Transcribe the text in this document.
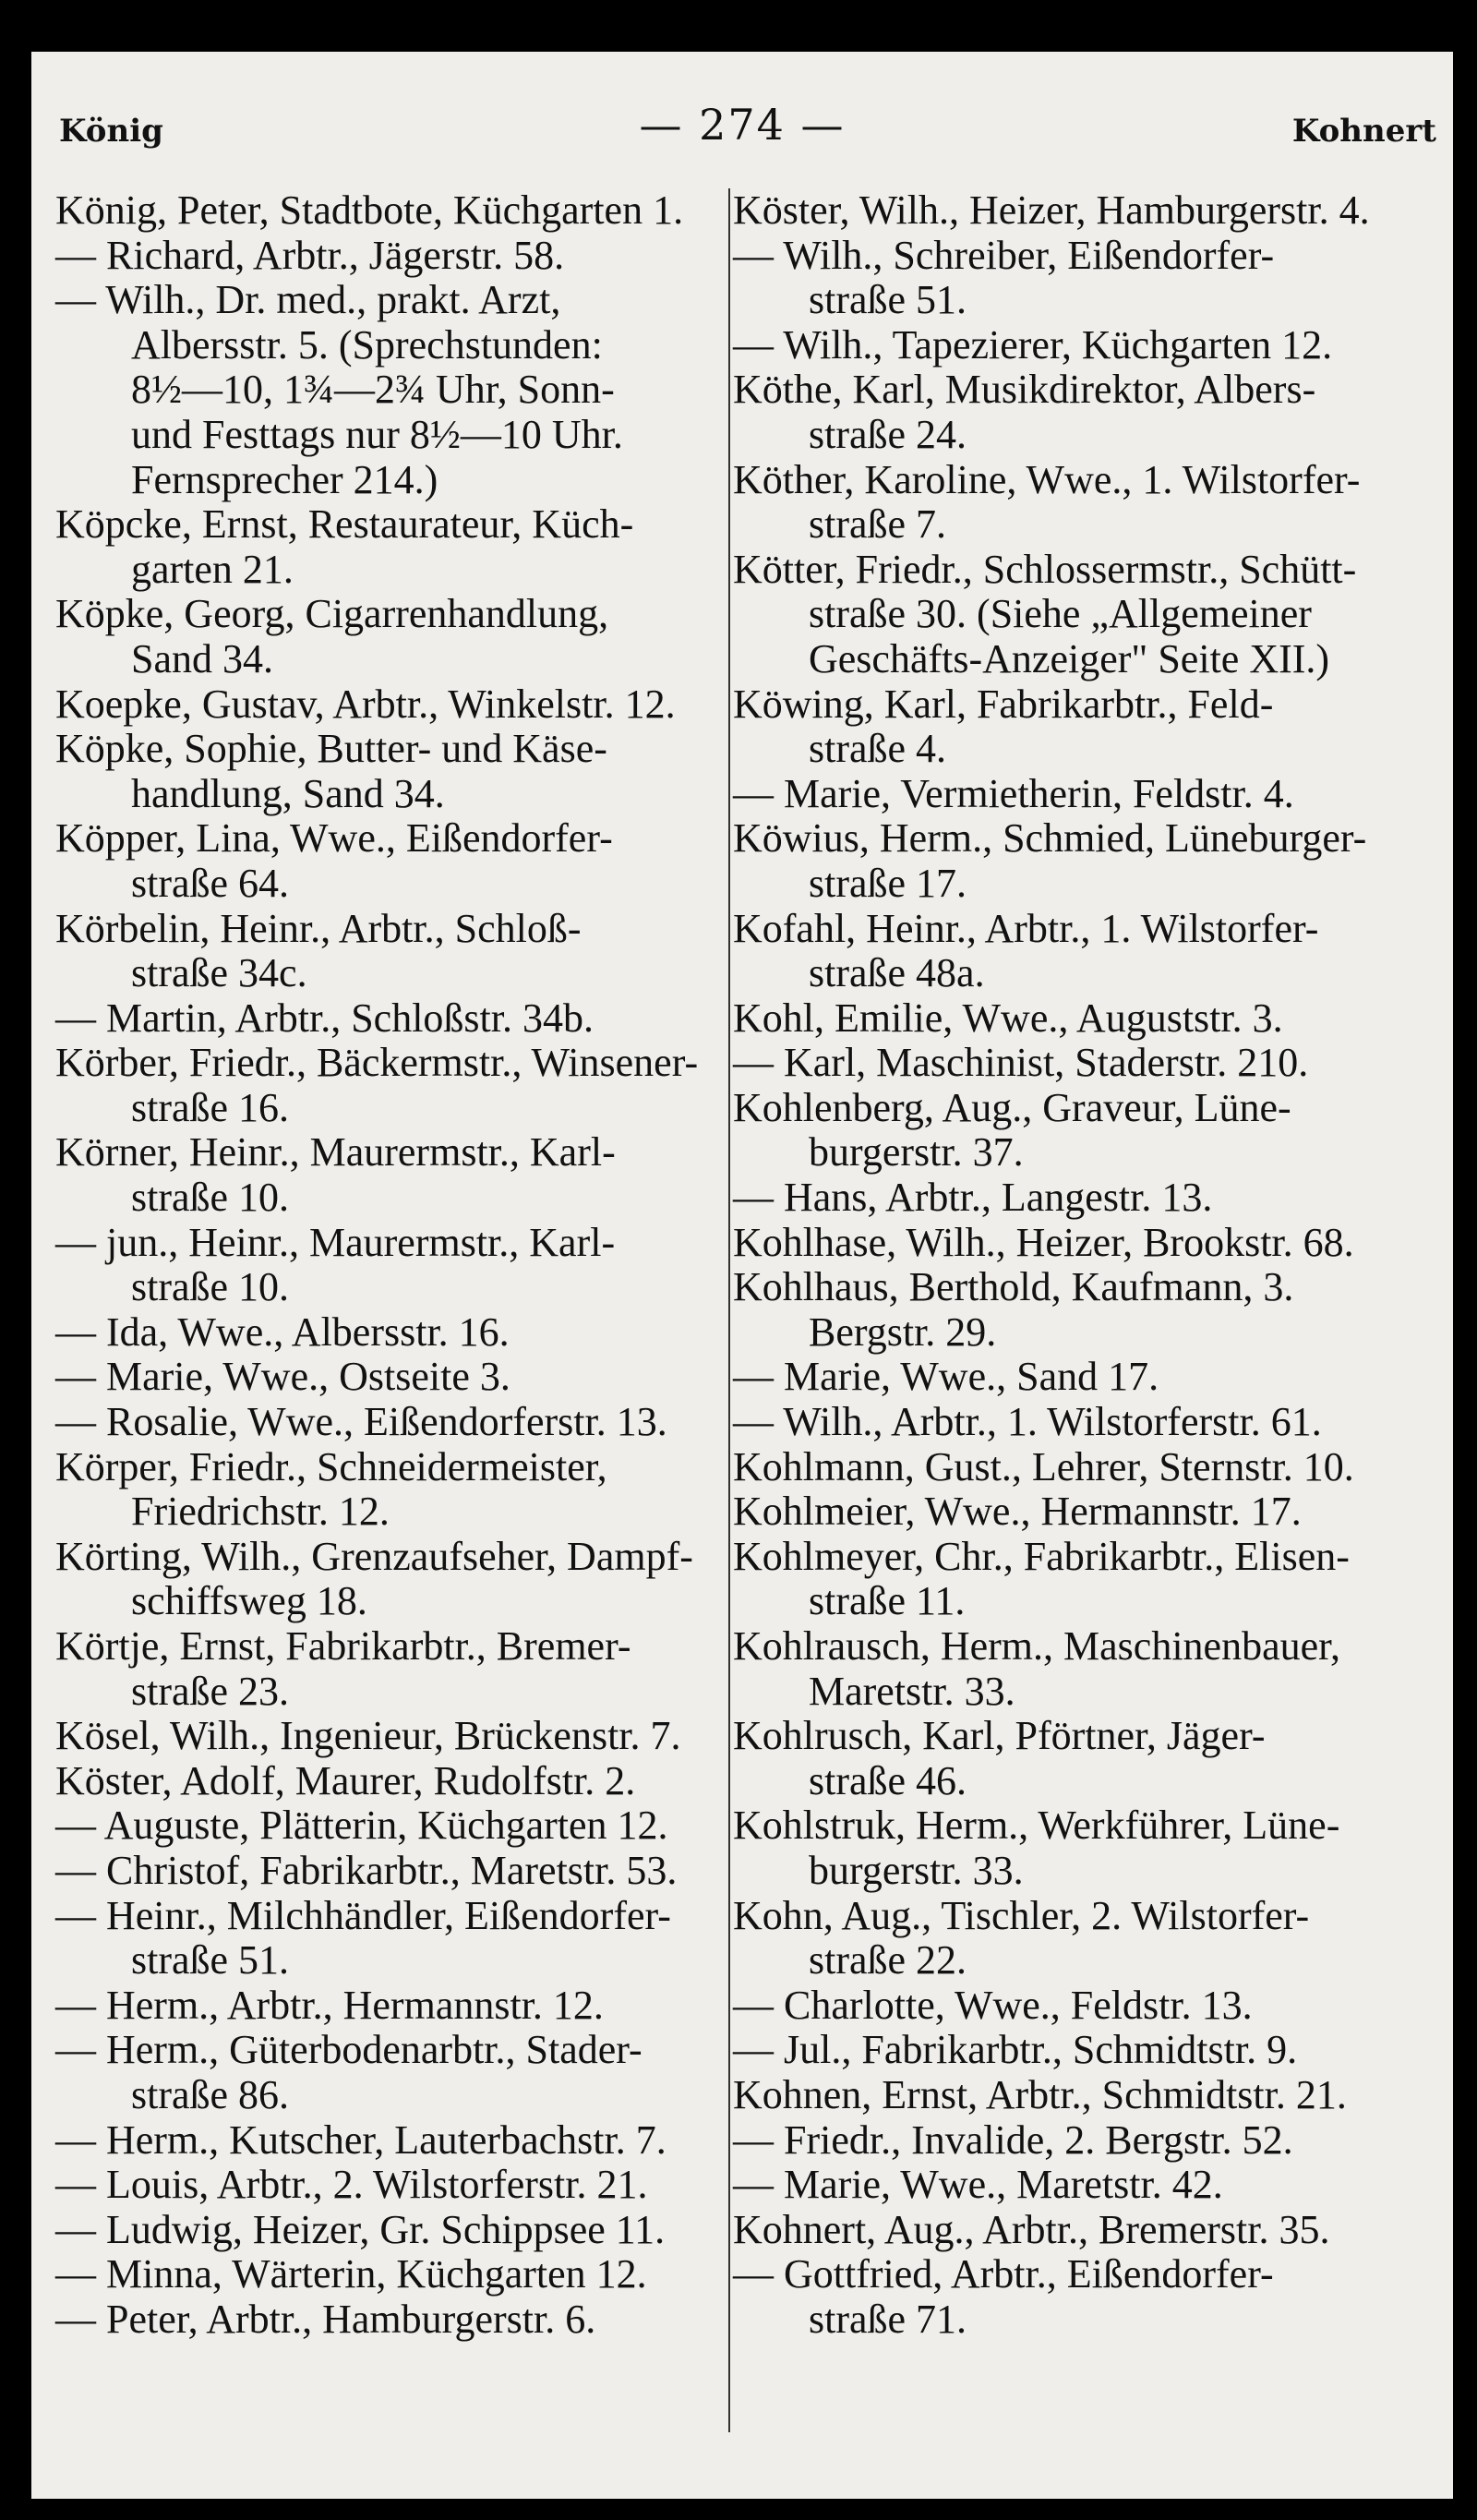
König	— 274 —	Kohnert
König, Peter, Stadtbote, Küchgarten 1.
— Richard, Arbtr., Jägerstr. 58.
— Wilh., Dr. med., prakt. Arzt,
Albersstr. 5. (Sprechstunden:
8½—10, 1¾—2¾ Uhr, Sonn-
und Festtags nur 8½—10 Uhr.
Fernsprecher 214.)
Köpcke, Ernst, Restaurateur, Küch-
garten 21.
Köpke, Georg, Cigarrenhandlung,
Sand 34.
Koepke, Gustav, Arbtr., Winkelstr. 12.
Köpke, Sophie, Butter- und Käse-
handlung, Sand 34.
Köpper, Lina, Wwe., Eißendorfer-
straße 64.
Körbelin, Heinr., Arbtr., Schloß-
straße 34c.
— Martin, Arbtr., Schloßstr. 34b.
Körber, Friedr., Bäckermstr., Winsener-
straße 16.
Körner, Heinr., Maurermstr., Karl-
straße 10.
— jun., Heinr., Maurermstr., Karl-
straße 10.
— Ida, Wwe., Albersstr. 16.
— Marie, Wwe., Ostseite 3.
— Rosalie, Wwe., Eißendorferstr. 13.
Körper, Friedr., Schneidermeister,
Friedrichstr. 12.
Körting, Wilh., Grenzaufseher, Dampf-
schiffsweg 18.
Körtje, Ernst, Fabrikarbtr., Bremer-
straße 23.
Kösel, Wilh., Ingenieur, Brückenstr. 7.
Köster, Adolf, Maurer, Rudolfstr. 2.
— Auguste, Plätterin, Küchgarten 12.
— Christof, Fabrikarbtr., Maretstr. 53.
— Heinr., Milchhändler, Eißendorfer-
straße 51.
— Herm., Arbtr., Hermannstr. 12.
— Herm., Güterbodenarbtr., Stader-
straße 86.
— Herm., Kutscher, Lauterbachstr. 7.
— Louis, Arbtr., 2. Wilstorferstr. 21.
— Ludwig, Heizer, Gr. Schippsee 11.
— Minna, Wärterin, Küchgarten 12.
— Peter, Arbtr., Hamburgerstr. 6.
Köster, Wilh., Heizer, Hamburgerstr. 4.
— Wilh., Schreiber, Eißendorfer-
straße 51.
— Wilh., Tapezierer, Küchgarten 12.
Köthe, Karl, Musikdirektor, Albers-
straße 24.
Köther, Karoline, Wwe., 1. Wilstorfer-
straße 7.
Kötter, Friedr., Schlossermstr., Schütt-
straße 30. (Siehe „Allgemeiner
Geschäfts-Anzeiger" Seite XII.)
Köwing, Karl, Fabrikarbtr., Feld-
straße 4.
— Marie, Vermietherin, Feldstr. 4.
Köwius, Herm., Schmied, Lüneburger-
straße 17.
Kofahl, Heinr., Arbtr., 1. Wilstorfer-
straße 48a.
Kohl, Emilie, Wwe., Auguststr. 3.
— Karl, Maschinist, Staderstr. 210.
Kohlenberg, Aug., Graveur, Lüne-
burgerstr. 37.
— Hans, Arbtr., Langestr. 13.
Kohlhase, Wilh., Heizer, Brookstr. 68.
Kohlhaus, Berthold, Kaufmann, 3.
Bergstr. 29.
— Marie, Wwe., Sand 17.
— Wilh., Arbtr., 1. Wilstorferstr. 61.
Kohlmann, Gust., Lehrer, Sternstr. 10.
Kohlmeier, Wwe., Hermannstr. 17.
Kohlmeyer, Chr., Fabrikarbtr., Elisen-
straße 11.
Kohlrausch, Herm., Maschinenbauer,
Maretstr. 33.
Kohlrusch, Karl, Pförtner, Jäger-
straße 46.
Kohlstruk, Herm., Werkführer, Lüne-
burgerstr. 33.
Kohn, Aug., Tischler, 2. Wilstorfer-
straße 22.
— Charlotte, Wwe., Feldstr. 13.
— Jul., Fabrikarbtr., Schmidtstr. 9.
Kohnen, Ernst, Arbtr., Schmidtstr. 21.
— Friedr., Invalide, 2. Bergstr. 52.
— Marie, Wwe., Maretstr. 42.
Kohnert, Aug., Arbtr., Bremerstr. 35.
— Gottfried, Arbtr., Eißendorfer-
straße 71.
